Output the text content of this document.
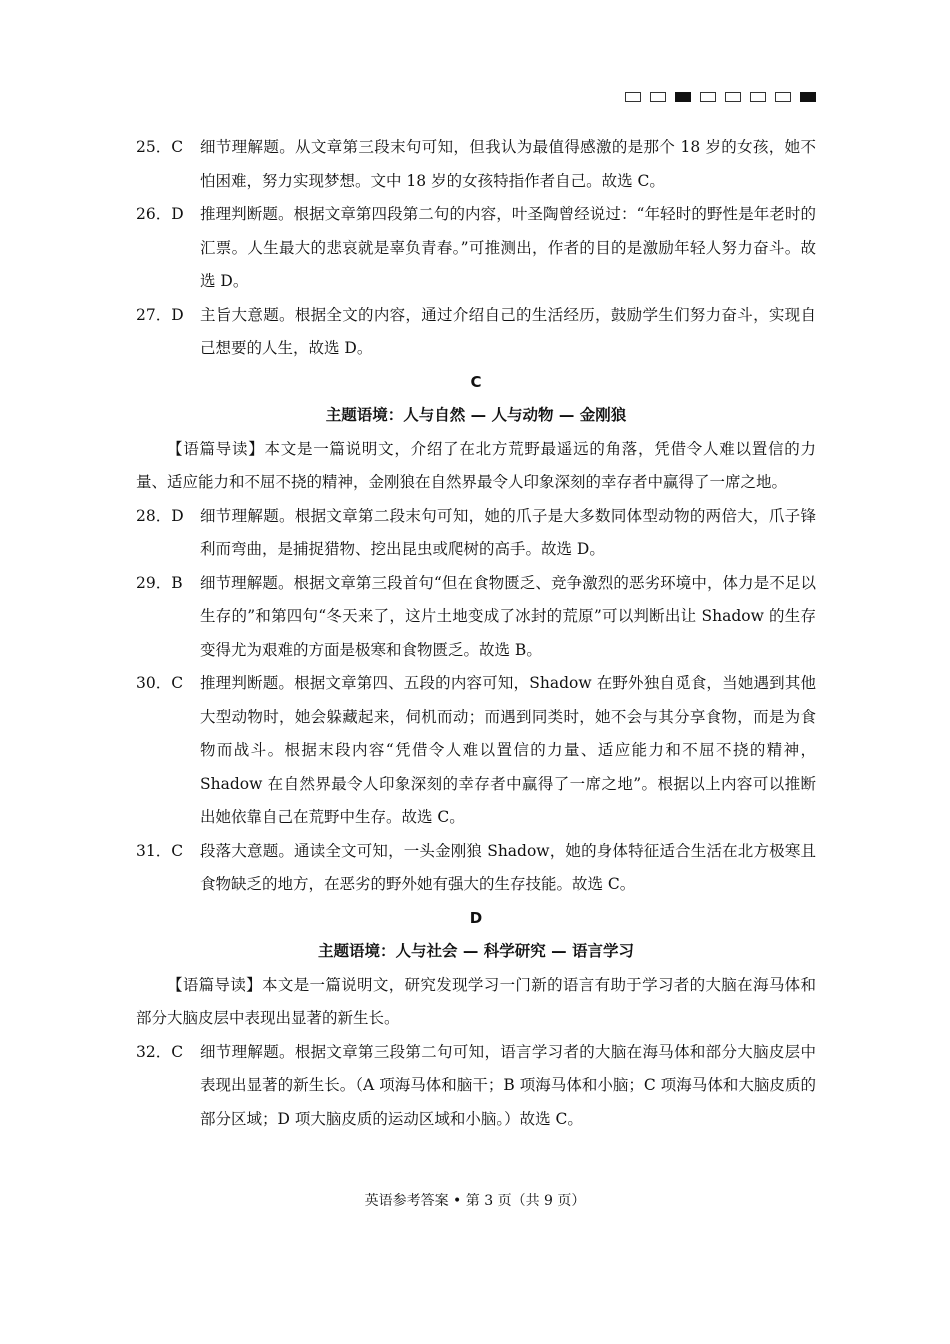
25．C	细节理解题。从文章第三段末句可知，但我认为最值得感激的是那个 18 岁的女孩，她不怕困难，努力实现梦想。文中 18 岁的女孩特指作者自己。故选 C。
26．D	推理判断题。根据文章第四段第二句的内容，叶圣陶曾经说过：“年轻时的野性是年老时的汇票。人生最大的悲哀就是辜负青春。”可推测出，作者的目的是激励年轻人努力奋斗。故选 D。
27．D	主旨大意题。根据全文的内容，通过介绍自己的生活经历，鼓励学生们努力奋斗，实现自己想要的人生，故选 D。
C
主题语境：人与自然 — 人与动物 — 金刚狼
【语篇导读】本文是一篇说明文，介绍了在北方荒野最遥远的角落，凭借令人难以置信的力量、适应能力和不屈不挠的精神，金刚狼在自然界最令人印象深刻的幸存者中赢得了一席之地。
28．D	细节理解题。根据文章第二段末句可知，她的爪子是大多数同体型动物的两倍大，爪子锋利而弯曲，是捕捉猎物、挖出昆虫或爬树的高手。故选 D。
29．B	细节理解题。根据文章第三段首句“但在食物匮乏、竞争激烈的恶劣环境中，体力是不足以生存的”和第四句“冬天来了，这片土地变成了冰封的荒原”可以判断出让 Shadow 的生存变得尤为艰难的方面是极寒和食物匮乏。故选 B。
30．C	推理判断题。根据文章第四、五段的内容可知，Shadow 在野外独自觅食，当她遇到其他大型动物时，她会躲藏起来，伺机而动；而遇到同类时，她不会与其分享食物，而是为食物而战斗。根据末段内容“凭借令人难以置信的力量、适应能力和不屈不挠的精神，Shadow 在自然界最令人印象深刻的幸存者中赢得了一席之地”。根据以上内容可以推断出她依靠自己在荒野中生存。故选 C。
31．C	段落大意题。通读全文可知，一头金刚狼 Shadow，她的身体特征适合生活在北方极寒且食物缺乏的地方，在恶劣的野外她有强大的生存技能。故选 C。
D
主题语境：人与社会 — 科学研究 — 语言学习
【语篇导读】本文是一篇说明文，研究发现学习一门新的语言有助于学习者的大脑在海马体和部分大脑皮层中表现出显著的新生长。
32．C	细节理解题。根据文章第三段第二句可知，语言学习者的大脑在海马体和部分大脑皮层中表现出显著的新生长。（A 项海马体和脑干；B 项海马体和小脑；C 项海马体和大脑皮质的部分区域；D 项大脑皮质的运动区域和小脑。）故选 C。
英语参考答案 • 第 3 页（共 9 页）
